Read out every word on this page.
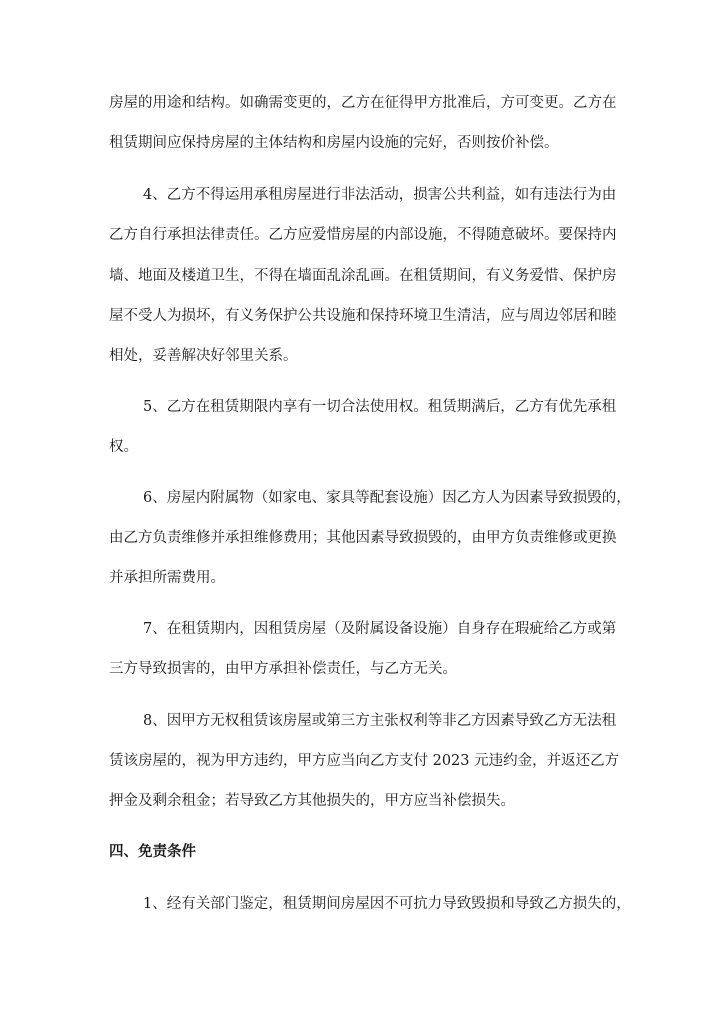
房屋的用途和结构。如确需变更的，乙方在征得甲方批准后，方可变更。乙方在
租赁期间应保持房屋的主体结构和房屋内设施的完好，否则按价补偿。
4、乙方不得运用承租房屋进行非法活动，损害公共利益，如有违法行为由
乙方自行承担法律责任。乙方应爱惜房屋的内部设施，不得随意破坏。要保持内
墙、地面及楼道卫生，不得在墙面乱涂乱画。在租赁期间，有义务爱惜、保护房
屋不受人为损坏，有义务保护公共设施和保持环境卫生清洁，应与周边邻居和睦
相处，妥善解决好邻里关系。
5、乙方在租赁期限内享有一切合法使用权。租赁期满后，乙方有优先承租
权。
6、房屋内附属物（如家电、家具等配套设施）因乙方人为因素导致损毁的，
由乙方负责维修并承担维修费用；其他因素导致损毁的，由甲方负责维修或更换
并承担所需费用。
7、在租赁期内，因租赁房屋（及附属设备设施）自身存在瑕疵给乙方或第
三方导致损害的，由甲方承担补偿责任，与乙方无关。
8、因甲方无权租赁该房屋或第三方主张权利等非乙方因素导致乙方无法租
赁该房屋的，视为甲方违约，甲方应当向乙方支付 2023 元违约金，并返还乙方
押金及剩余租金；若导致乙方其他损失的，甲方应当补偿损失。
四、免责条件
1、经有关部门鉴定，租赁期间房屋因不可抗力导致毁损和导致乙方损失的，
